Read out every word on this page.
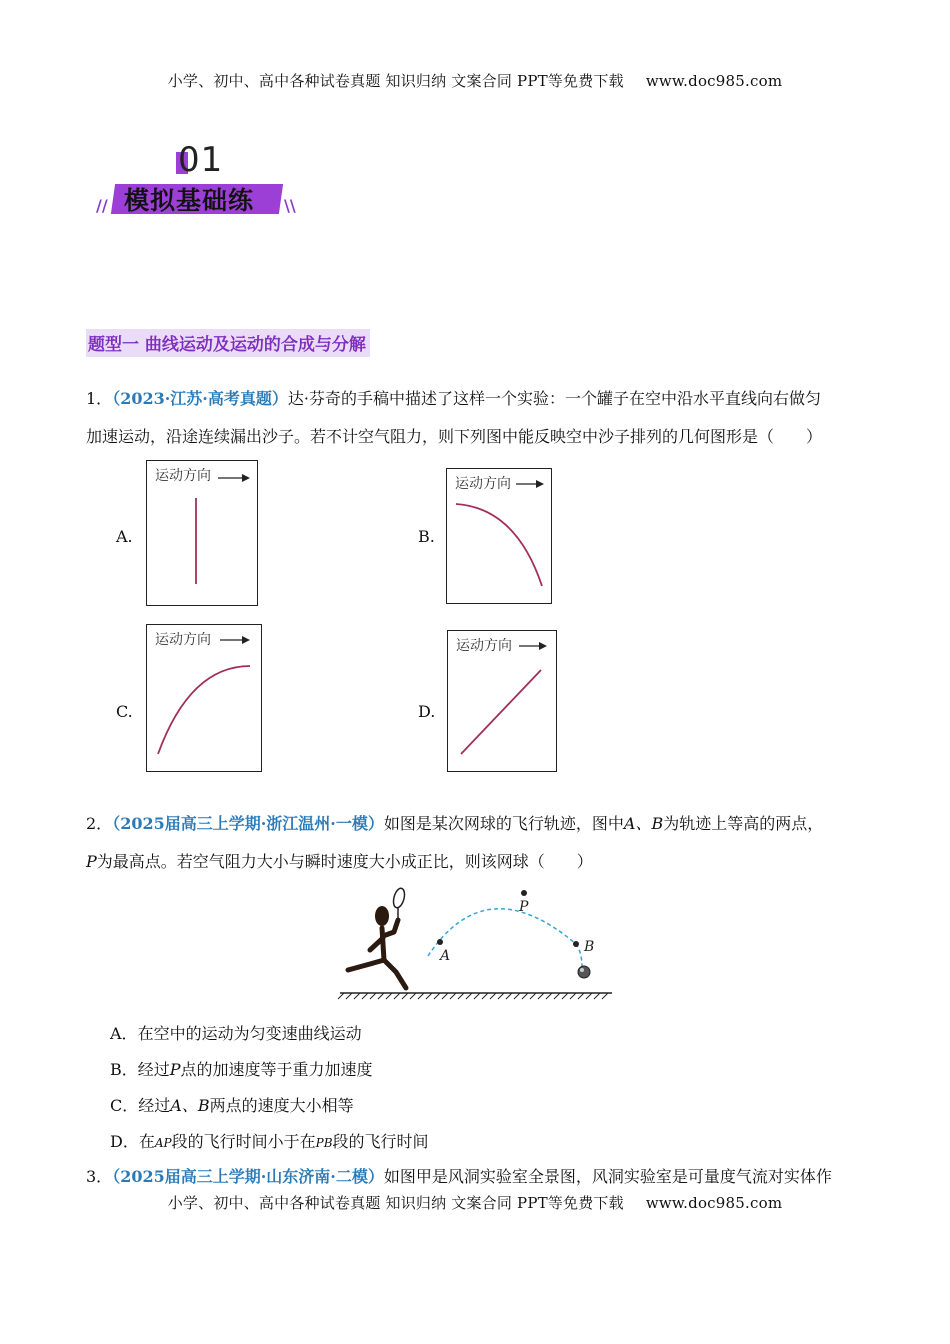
小学、初中、高中各种试卷真题 知识归纳 文案合同 PPT等免费下载 www.doc985.com
01
模拟基础练
//	\\
题型一 曲线运动及运动的合成与分解
1．（2023·江苏·高考真题）达·芬奇的手稿中描述了这样一个实验：一个罐子在空中沿水平直线向右做匀
加速运动，沿途连续漏出沙子。若不计空气阻力，则下列图中能反映空中沙子排列的几何图形是（　　）
A.	B.
C.	D.
运动方向	运动方向
运动方向	运动方向
2．（2025届高三上学期·浙江温州·一模）如图是某次网球的飞行轨迹，图中A、B为轨迹上等高的两点，
P为最高点。若空气阻力大小与瞬时速度大小成正比，则该网球（　　）
A
P
B
A．在空中的运动为匀变速曲线运动
B．经过P点的加速度等于重力加速度
C．经过A、B两点的速度大小相等
D．在AP段的飞行时间小于在PB段的飞行时间
3．（2025届高三上学期·山东济南·二模）如图甲是风洞实验室全景图，风洞实验室是可量度气流对实体作
小学、初中、高中各种试卷真题 知识归纳 文案合同 PPT等免费下载 www.doc985.com
